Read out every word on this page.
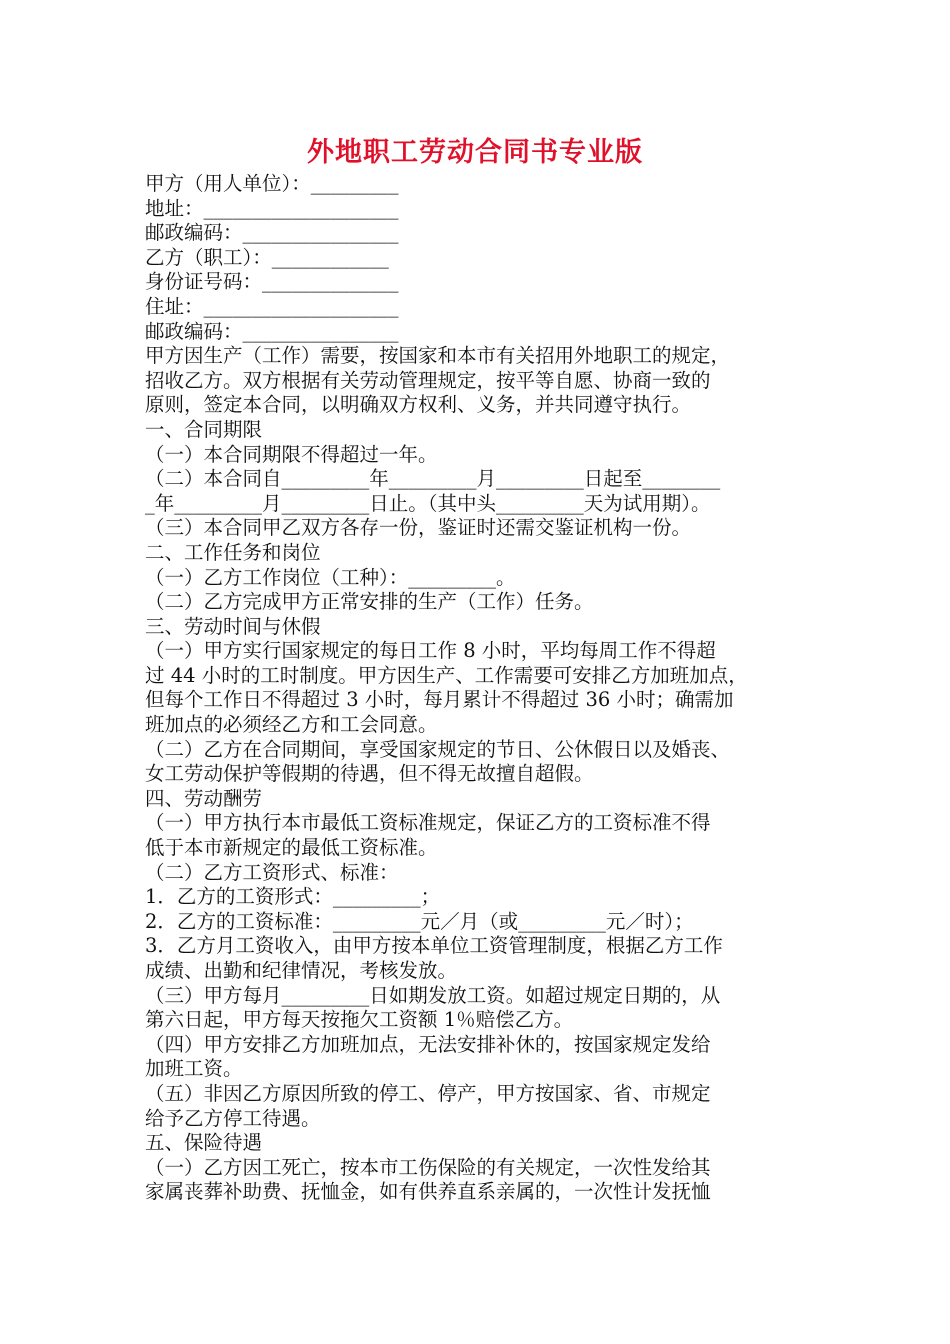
外地职工劳动合同书专业版
甲方（用人单位）：_________
地址：____________________
邮政编码：________________
乙方（职工）：____________
身份证号码：______________
住址：____________________
邮政编码：________________
甲方因生产（工作）需要，按国家和本市有关招用外地职工的规定，
招收乙方。双方根据有关劳动管理规定，按平等自愿、协商一致的
原则，签定本合同，以明确双方权利、义务，并共同遵守执行。
一、合同期限
（一）本合同期限不得超过一年。
（二）本合同自_________年_________月_________日起至________
_年_________月_________日止。（其中头_________天为试用期）。
（三）本合同甲乙双方各存一份，鉴证时还需交鉴证机构一份。
二、工作任务和岗位
（一）乙方工作岗位（工种）：_________。
（二）乙方完成甲方正常安排的生产（工作）任务。
三、劳动时间与休假
（一）甲方实行国家规定的每日工作 8 小时，平均每周工作不得超
过 44 小时的工时制度。甲方因生产、工作需要可安排乙方加班加点，
但每个工作日不得超过 3 小时，每月累计不得超过 36 小时；确需加
班加点的必须经乙方和工会同意。
（二）乙方在合同期间，享受国家规定的节日、公休假日以及婚丧、
女工劳动保护等假期的待遇，但不得无故擅自超假。
四、劳动酬劳
（一）甲方执行本市最低工资标准规定，保证乙方的工资标准不得
低于本市新规定的最低工资标准。
（二）乙方工资形式、标准：
1．乙方的工资形式：_________；
2．乙方的工资标准：_________元／月（或_________元／时）；
3．乙方月工资收入，由甲方按本单位工资管理制度，根据乙方工作
成绩、出勤和纪律情况，考核发放。
（三）甲方每月_________日如期发放工资。如超过规定日期的，从
第六日起，甲方每天按拖欠工资额 1％赔偿乙方。
（四）甲方安排乙方加班加点，无法安排补休的，按国家规定发给
加班工资。
（五）非因乙方原因所致的停工、停产，甲方按国家、省、市规定
给予乙方停工待遇。
五、保险待遇
（一）乙方因工死亡，按本市工伤保险的有关规定，一次性发给其
家属丧葬补助费、抚恤金，如有供养直系亲属的，一次性计发抚恤
